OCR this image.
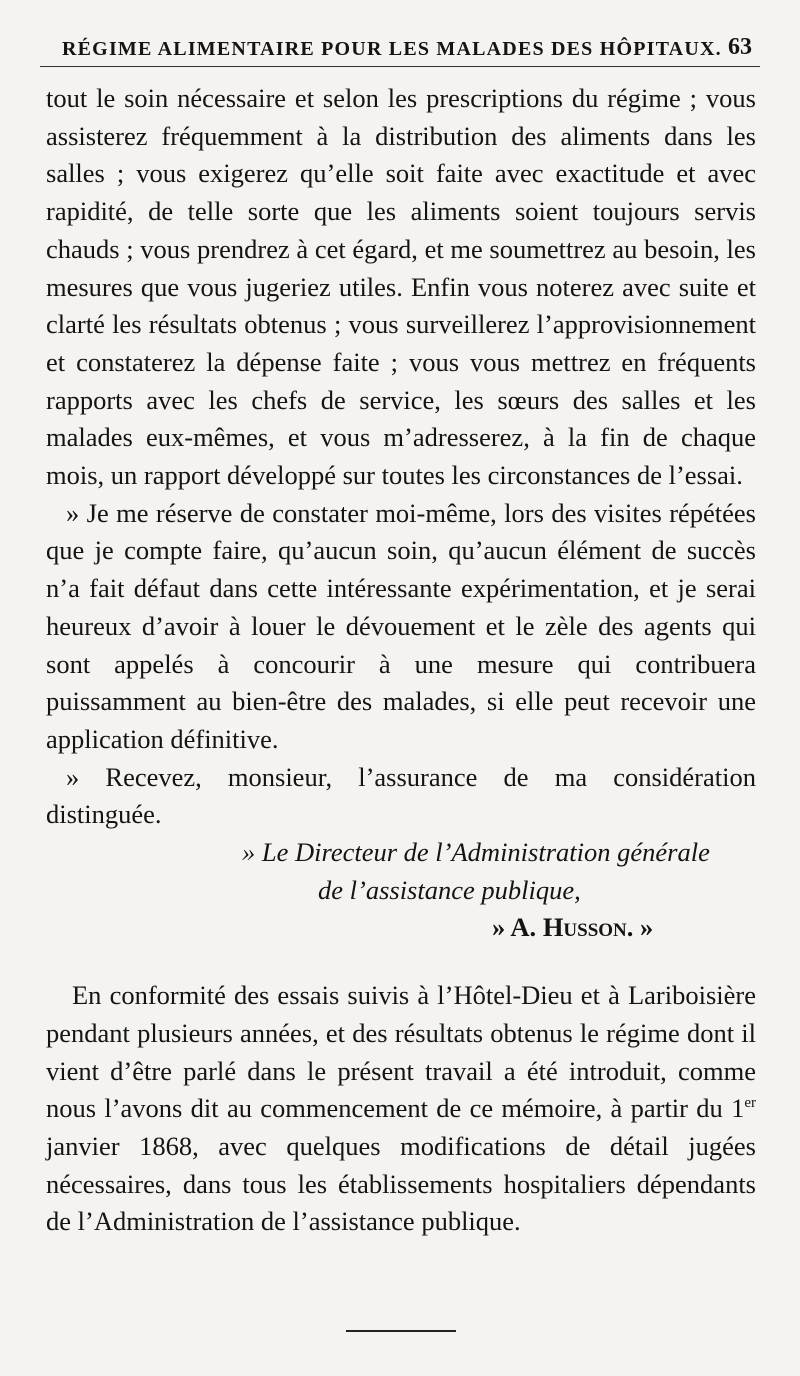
RÉGIME ALIMENTAIRE POUR LES MALADES DES HÔPITAUX. 63

tout le soin nécessaire et selon les prescriptions du régime ; vous assisterez fréquemment à la distribution des aliments dans les salles ; vous exigerez qu’elle soit faite avec exactitude et avec rapidité, de telle sorte que les aliments soient toujours servis chauds ; vous prendrez à cet égard, et me soumettrez au besoin, les mesures que vous jugeriez utiles. Enfin vous noterez avec suite et clarté les résultats obtenus ; vous surveillerez l’approvisionnement et constaterez la dépense faite ; vous vous mettrez en fréquents rapports avec les chefs de service, les sœurs des salles et les malades eux-mêmes, et vous m’adresserez, à la fin de chaque mois, un rapport développé sur toutes les circonstances de l’essai.

» Je me réserve de constater moi-même, lors des visites répétées que je compte faire, qu’aucun soin, qu’aucun élément de succès n’a fait défaut dans cette intéressante expérimentation, et je serai heureux d’avoir à louer le dévouement et le zèle des agents qui sont appelés à concourir à une mesure qui contribuera puissamment au bien-être des malades, si elle peut recevoir une application définitive.

» Recevez, monsieur, l’assurance de ma considération distinguée.

» Le Directeur de l’Administration générale
de l’assistance publique,
» A. Husson. »

En conformité des essais suivis à l’Hôtel-Dieu et à Lariboisière pendant plusieurs années, et des résultats obtenus le régime dont il vient d’être parlé dans le présent travail a été introduit, comme nous l’avons dit au commencement de ce mémoire, à partir du 1er janvier 1868, avec quelques modifications de détail jugées nécessaires, dans tous les établissements hospitaliers dépendants de l’Administration de l’assistance publique.
